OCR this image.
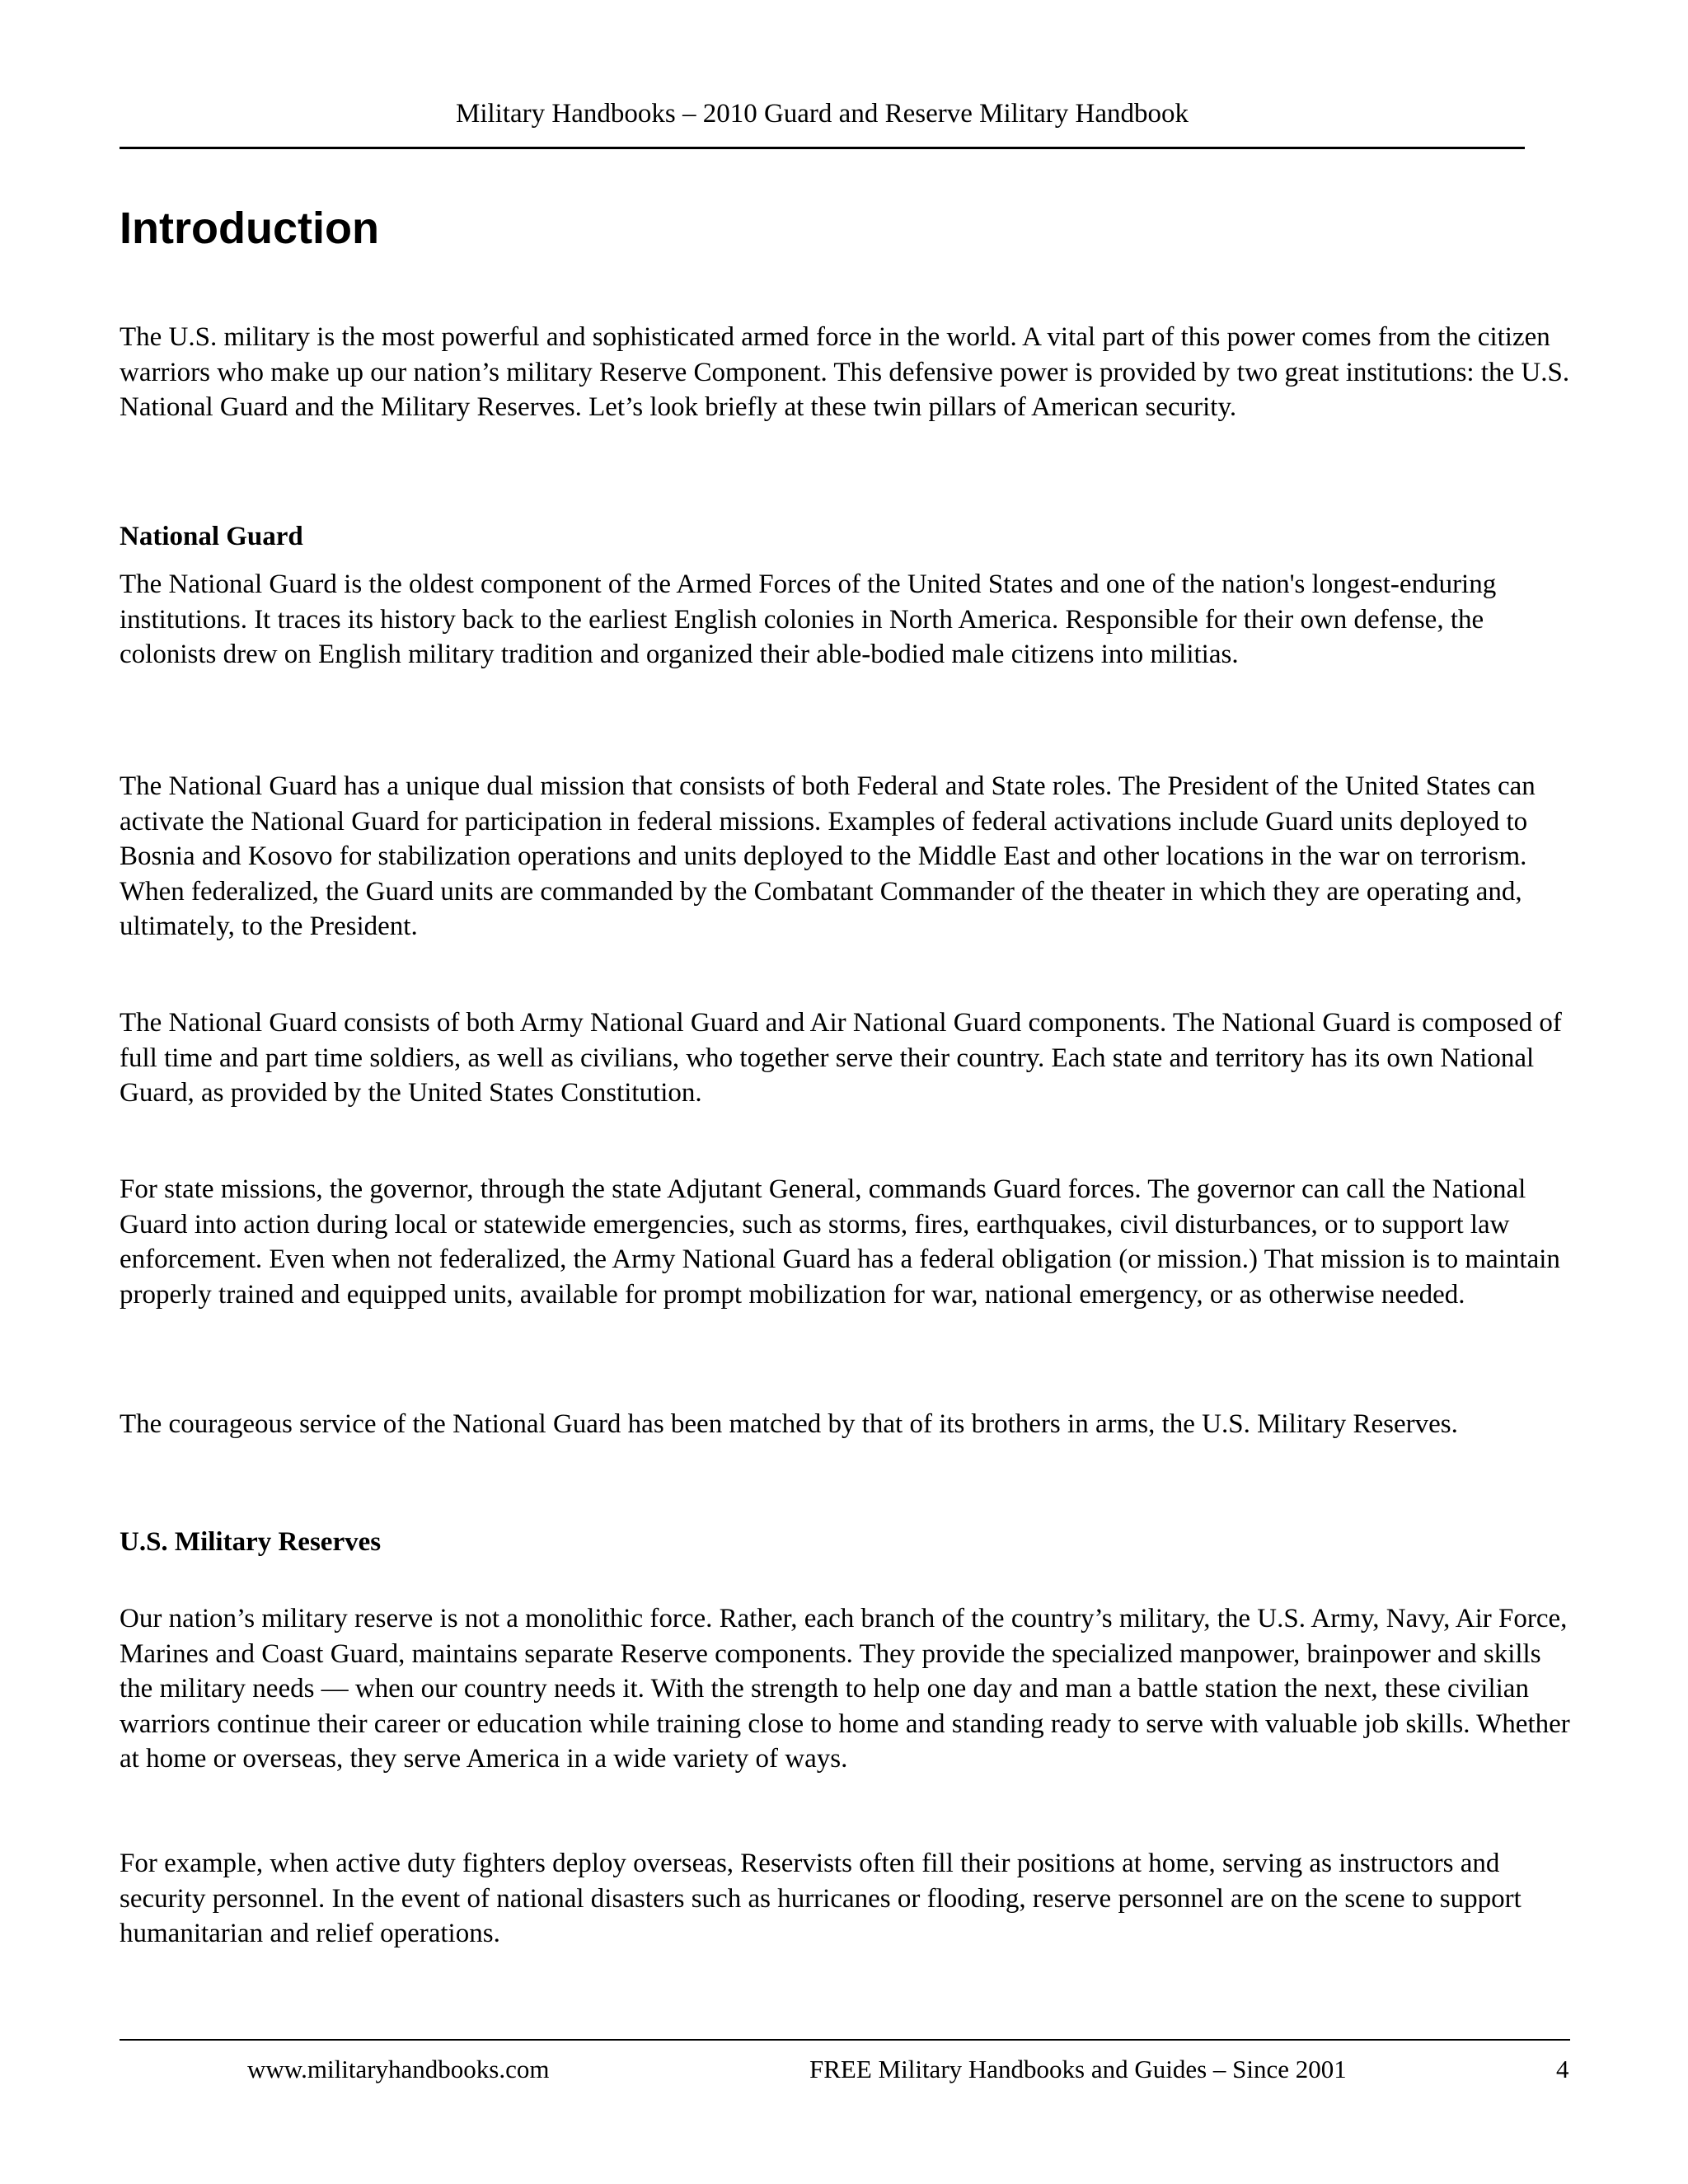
Military Handbooks – 2010 Guard and Reserve Military Handbook
Introduction

The U.S. military is the most powerful and sophisticated armed force in the world. A vital part of this power comes from the citizen warriors who make up our nation’s military Reserve Component. This defensive power is provided by two great institutions: the U.S. National Guard and the Military Reserves. Let’s look briefly at these twin pillars of American security.

National Guard

The National Guard is the oldest component of the Armed Forces of the United States and one of the nation's longest-enduring institutions. It traces its history back to the earliest English colonies in North America. Responsible for their own defense, the colonists drew on English military tradition and organized their able-bodied male citizens into militias.

The National Guard has a unique dual mission that consists of both Federal and State roles. The President of the United States can activate the National Guard for participation in federal missions. Examples of federal activations include Guard units deployed to Bosnia and Kosovo for stabilization operations and units deployed to the Middle East and other locations in the war on terrorism. When federalized, the Guard units are commanded by the Combatant Commander of the theater in which they are operating and, ultimately, to the President.

The National Guard consists of both Army National Guard and Air National Guard components. The National Guard is composed of full time and part time soldiers, as well as civilians, who together serve their country. Each state and territory has its own National Guard, as provided by the United States Constitution.

For state missions, the governor, through the state Adjutant General, commands Guard forces. The governor can call the National Guard into action during local or statewide emergencies, such as storms, fires, earthquakes, civil disturbances, or to support law enforcement. Even when not federalized, the Army National Guard has a federal obligation (or mission.) That mission is to maintain properly trained and equipped units, available for prompt mobilization for war, national emergency, or as otherwise needed.

The courageous service of the National Guard has been matched by that of its brothers in arms, the U.S. Military Reserves.

U.S. Military Reserves

Our nation’s military reserve is not a monolithic force. Rather, each branch of the country’s military, the U.S. Army, Navy, Air Force, Marines and Coast Guard, maintains separate Reserve components. They provide the specialized manpower, brainpower and skills the military needs — when our country needs it. With the strength to help one day and man a battle station the next, these civilian warriors continue their career or education while training close to home and standing ready to serve with valuable job skills. Whether at home or overseas, they serve America in a wide variety of ways.

For example, when active duty fighters deploy overseas, Reservists often fill their positions at home, serving as instructors and security personnel. In the event of national disasters such as hurricanes or flooding, reserve personnel are on the scene to support humanitarian and relief operations.

www.militaryhandbooks.com	FREE Military Handbooks and Guides – Since 2001	4
